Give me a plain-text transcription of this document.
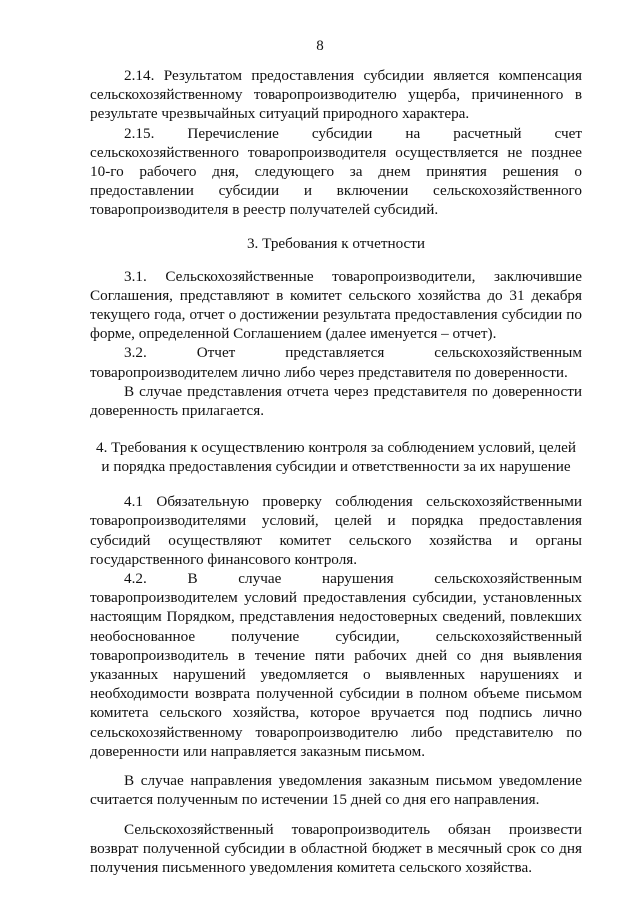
8

2.14. Результатом предоставления субсидии является компенсация сельскохозяйственному товаропроизводителю ущерба, причиненного в результате чрезвычайных ситуаций природного характера.

2.15. Перечисление субсидии на расчетный счет сельскохозяйственного товаропроизводителя осуществляется не позднее 10-го рабочего дня, следующего за днем принятия решения о предоставлении субсидии и включении сельскохозяйственного товаропроизводителя в реестр получателей субсидий.

3. Требования к отчетности

3.1. Сельскохозяйственные товаропроизводители, заключившие Соглашения, представляют в комитет сельского хозяйства до 31 декабря текущего года, отчет о достижении результата предоставления субсидии по форме, определенной Соглашением (далее именуется – отчет).

3.2. Отчет представляется сельскохозяйственным товаропроизводителем лично либо через представителя по доверенности.

В случае представления отчета через представителя по доверенности доверенность прилагается.

4. Требования к осуществлению контроля за соблюдением условий, целей
и порядка предоставления субсидии и ответственности за их нарушение

4.1 Обязательную проверку соблюдения сельскохозяйственными товаропроизводителями условий, целей и порядка предоставления субсидий осуществляют комитет сельского хозяйства и органы государственного финансового контроля.

4.2. В случае нарушения сельскохозяйственным товаропроизводителем условий предоставления субсидии, установленных настоящим Порядком, представления недостоверных сведений, повлекших необоснованное получение субсидии, сельскохозяйственный товаропроизводитель в течение пяти рабочих дней со дня выявления указанных нарушений уведомляется о выявленных нарушениях и необходимости возврата полученной субсидии в полном объеме письмом комитета сельского хозяйства, которое вручается под подпись лично сельскохозяйственному товаропроизводителю либо представителю по доверенности или направляется заказным письмом.

В случае направления уведомления заказным письмом уведомление считается полученным по истечении 15 дней со дня его направления.

Сельскохозяйственный товаропроизводитель обязан произвести возврат полученной субсидии в областной бюджет в месячный срок со дня получения письменного уведомления комитета сельского хозяйства.
